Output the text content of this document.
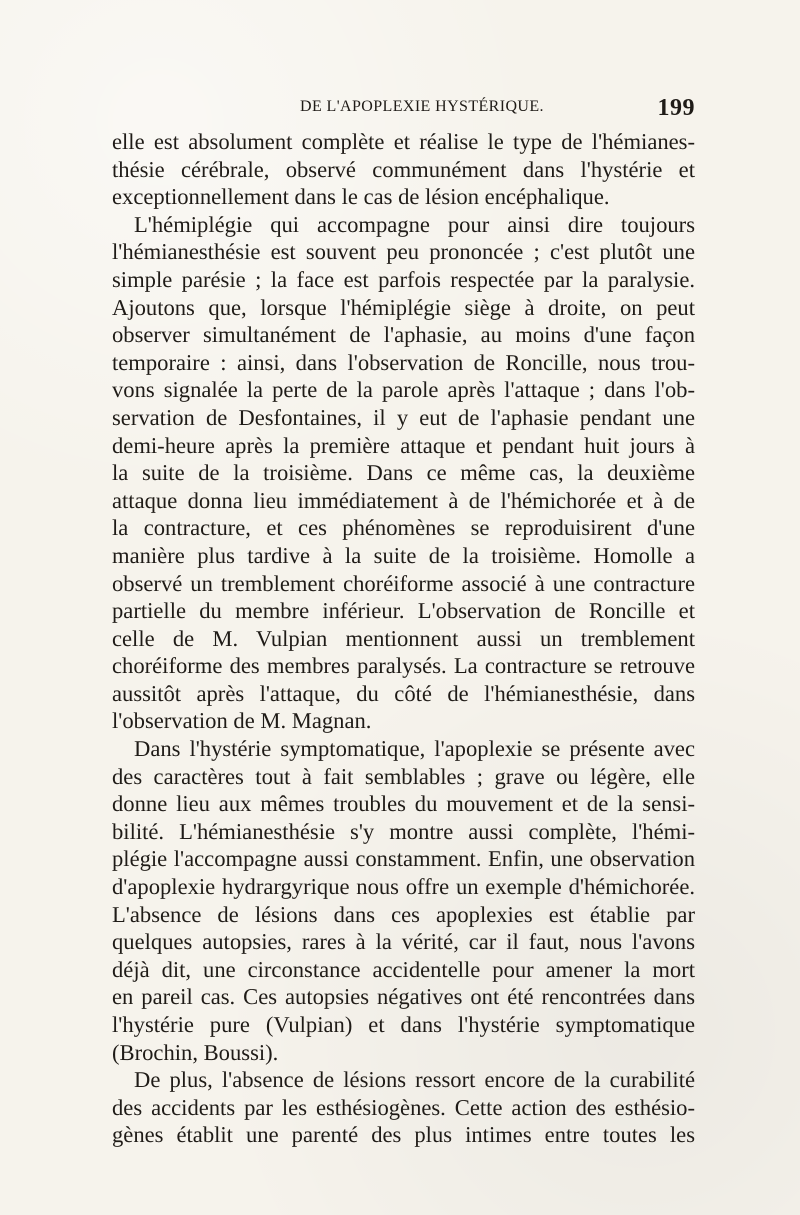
DE L'APOPLEXIE HYSTÉRIQUE.	199
elle est absolument complète et réalise le type de l'hémianes-
thésie cérébrale, observé communément dans l'hystérie et
exceptionnellement dans le cas de lésion encéphalique.
L'hémiplégie qui accompagne pour ainsi dire toujours
l'hémianesthésie est souvent peu prononcée ; c'est plutôt une
simple parésie ; la face est parfois respectée par la paralysie.
Ajoutons que, lorsque l'hémiplégie siège à droite, on peut
observer simultanément de l'aphasie, au moins d'une façon
temporaire : ainsi, dans l'observation de Roncille, nous trou-
vons signalée la perte de la parole après l'attaque ; dans l'ob-
servation de Desfontaines, il y eut de l'aphasie pendant une
demi-heure après la première attaque et pendant huit jours à
la suite de la troisième. Dans ce même cas, la deuxième
attaque donna lieu immédiatement à de l'hémichorée et à de
la contracture, et ces phénomènes se reproduisirent d'une
manière plus tardive à la suite de la troisième. Homolle a
observé un tremblement choréiforme associé à une contracture
partielle du membre inférieur. L'observation de Roncille et
celle de M. Vulpian mentionnent aussi un tremblement
choréiforme des membres paralysés. La contracture se retrouve
aussitôt après l'attaque, du côté de l'hémianesthésie, dans
l'observation de M. Magnan.
Dans l'hystérie symptomatique, l'apoplexie se présente avec
des caractères tout à fait semblables ; grave ou légère, elle
donne lieu aux mêmes troubles du mouvement et de la sensi-
bilité. L'hémianesthésie s'y montre aussi complète, l'hémi-
plégie l'accompagne aussi constamment. Enfin, une observation
d'apoplexie hydrargyrique nous offre un exemple d'hémichorée.
L'absence de lésions dans ces apoplexies est établie par
quelques autopsies, rares à la vérité, car il faut, nous l'avons
déjà dit, une circonstance accidentelle pour amener la mort
en pareil cas. Ces autopsies négatives ont été rencontrées dans
l'hystérie pure (Vulpian) et dans l'hystérie symptomatique
(Brochin, Boussi).
De plus, l'absence de lésions ressort encore de la curabilité
des accidents par les esthésiogènes. Cette action des esthésio-
gènes établit une parenté des plus intimes entre toutes les
